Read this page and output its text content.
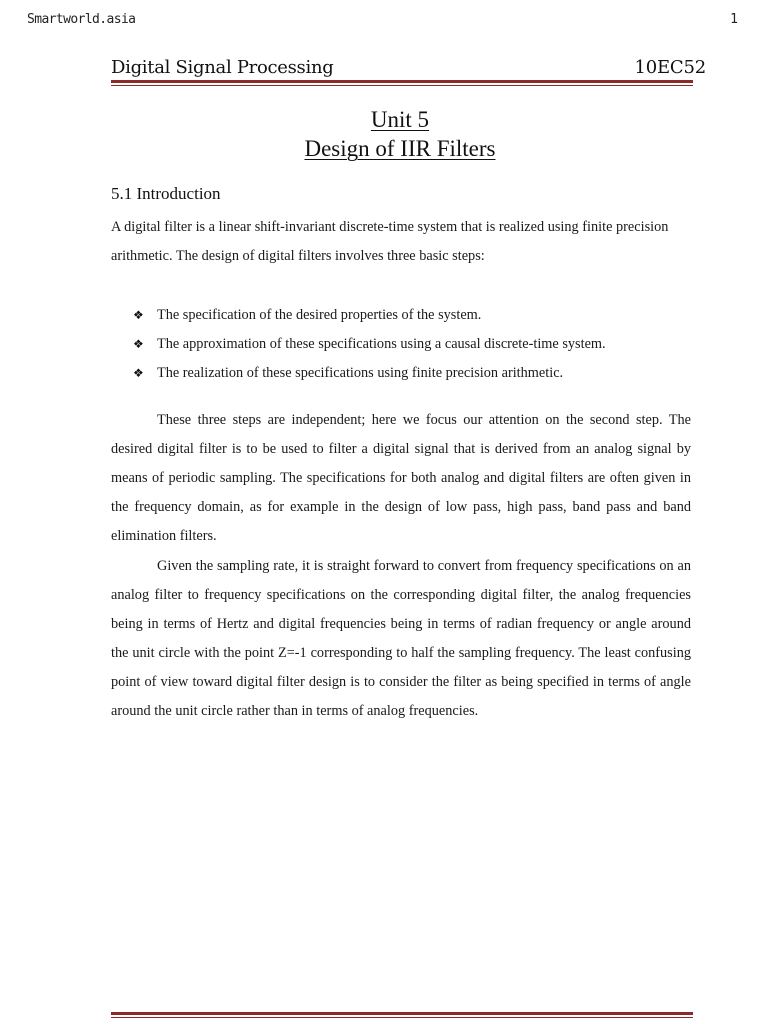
Smartworld.asia	1
Digital Signal Processing	10EC52
Unit 5
Design of IIR Filters
5.1 Introduction
A digital filter is a linear shift-invariant discrete-time system that is realized using finite precision arithmetic. The design of digital filters involves three basic steps:
❖ The specification of the desired properties of the system.
❖ The approximation of these specifications using a causal discrete-time system.
❖ The realization of these specifications using finite precision arithmetic.
These three steps are independent; here we focus our attention on the second step. The desired digital filter is to be used to filter a digital signal that is derived from an analog signal by means of periodic sampling. The specifications for both analog and digital filters are often given in the frequency domain, as for example in the design of low pass, high pass, band pass and band elimination filters.
Given the sampling rate, it is straight forward to convert from frequency specifications on an analog filter to frequency specifications on the corresponding digital filter, the analog frequencies being in terms of Hertz and digital frequencies being in terms of radian frequency or angle around the unit circle with the point Z=-1 corresponding to half the sampling frequency. The least confusing point of view toward digital filter design is to consider the filter as being specified in terms of angle around the unit circle rather than in terms of analog frequencies.
